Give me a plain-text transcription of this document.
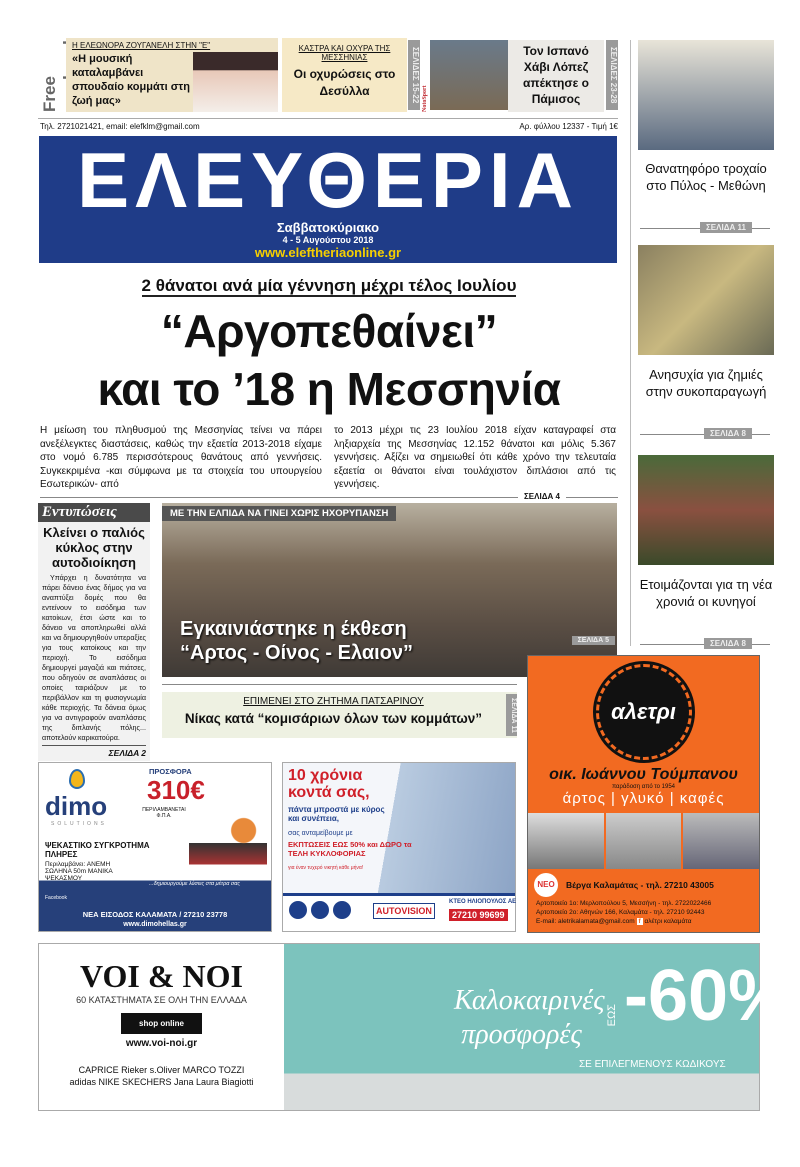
Free
Η ΕΛΕΩΝΟΡΑ ΖΟΥΓΑΝΕΛΗ ΣΤΗΝ "Ε"
«Η μουσική καταλαμβάνει σπουδαίο κομμάτι στη ζωή μας»
ΚΑΣΤΡΑ ΚΑΙ ΟΧΥΡΑ ΤΗΣ ΜΕΣΣΗΝΙΑΣ
Οι οχυρώσεις στο Δεσύλλα	ΣΕΛΙΔΕΣ 15-22 NotoSport
Τον Ισπανό Χάβι Λόπεζ απέκτησε ο Πάμισος	ΣΕΛΙΔΕΣ 23-28
Τηλ. 2721021421, email: elefklm@gmail.com	Αρ. φύλλου 12337 - Τιμή 1€
ΕΛΕΥΘΕΡΙΑ
Σαββατοκύριακο
4 - 5 Αυγούστου 2018
www.eleftheriaonline.gr
2 θάνατοι ανά μία γέννηση μέχρι τέλος Ιουλίου
“Αργοπεθαίνει”
και το ’18 η Μεσσηνία
Η μείωση του πληθυσμού της Μεσσηνίας τείνει να πάρει ανεξέλεγκτες διαστάσεις, καθώς την εξαετία 2013-2018 είχαμε στο νομό 6.785 περισσότερους θανάτους από γεννήσεις. Συγκεκριμένα -και σύμφωνα με τα στοιχεία του υπουργείου Εσωτερικών- από
το 2013 μέχρι τις 23 Ιουλίου 2018 είχαν καταγραφεί στα ληξιαρχεία της Μεσσηνίας 12.152 θάνατοι και μόλις 5.367 γεννήσεις. Αξίζει να σημειωθεί ότι κάθε χρόνο την τελευταία εξαετία οι θάνατοι είναι τουλάχιστον διπλάσιοι από τις γεννήσεις.
ΣΕΛΙΔΑ 4
Εντυπώσεις
Κλείνει ο παλιός κύκλος στην αυτοδιοίκηση
Υπάρχει η δυνατότητα να πάρει δάνειο ένας δήμος για να αναπτύξει δομές που θα εντείνουν το εισόδημα των κατοίκων, έτσι ώστε και το δάνειο να αποπληρωθεί αλλά και να δημιουργηθούν υπεραξίες για τους κατοίκους και την περιοχή. Το εισόδημα δημιουργεί μαγαζιά και πιάτσες, που οδηγούν σε αναπλάσεις οι οποίες ταιριάζουν με το περιβάλλον και τη φυσιογνωμία κάθε περιοχής. Τα δάνεια όμως για να αντιγραφούν αναπλάσεις της διπλανής πόλης... αποτελούν καρικατούρα.
ΣΕΛΙΔΑ 2
ΜΕ ΤΗΝ ΕΛΠΙΔΑ ΝΑ ΓΙΝΕΙ ΧΩΡΙΣ ΗΧΟΡΥΠΑΝΣΗ
Εγκαινιάστηκε η έκθεση
“Αρτος - Οίνος - Ελαιον”
ΣΕΛΙΔΑ 5
ΕΠΙΜΕΝΕΙ ΣΤΟ ΖΗΤΗΜΑ ΠΑΤΣΑΡΙΝΟΥ
Νίκας κατά “κομισάριων όλων των κομμάτων”	ΣΕΛΙΔΑ 11
Θανατηφόρο τροχαίο στο Πύλος - Μεθώνη
ΣΕΛΙΔΑ 11
Ανησυχία για ζημιές στην συκοπαραγωγή
ΣΕΛΙΔΑ 8
Ετοιμάζονται για τη νέα χρονιά οι κυνηγοί
ΣΕΛΙΔΑ 8
αλετρι
οικ. Ιωάννου Τούμπανου
παράδοση από το 1954
άρτος | γλυκό | καφές
ΝΕΟ	Βέργα Καλαμάτας - τηλ. 27210 43005
Αρτοποιείο 1ο: Μερλοπούλου 5, Μεσσήνη - τηλ. 2722022466
Αρτοποιείο 2ο: Αθηνών 166, Καλαμάτα - τηλ. 27210 92443
E-mail: aletrikalamata@gmail.com f αλέτρι καλαμάτα
dimo
SOLUTIONS
ΨΕΚΑΣΤΙΚΟ ΣΥΓΚΡΟΤΗΜΑ ΠΛΗΡΕΣ
Περιλαμβάνει: ΑΝΕΜΗ ΣΩΛΗΝΑ 50m ΜΑΝΙΚΑ ΨΕΚΑΣΜΟΥ
ΠΡΟΣΦΟΡΑ
310€
ΠΕΡΙΛΑΜΒΑΝΕΤΑΙ Φ.Π.Α.
...δημιουργούμε λύσεις στα μέτρα σας
Facebook
ΝΕΑ ΕΙΣΟΔΟΣ ΚΑΛΑΜΑΤΑ / 27210 23778
www.dimohellas.gr
10 χρόνια κοντά σας,
πάντα μπροστά με κύρος και συνέπεια,
σας ανταμείβουμε με
ΕΚΠΤΩΣΕΙΣ ΕΩΣ 50% και ΔΩΡΟ τα ΤΕΛΗ ΚΥΚΛΟΦΟΡΙΑΣ
για έναν τυχερό νικητή κάθε μήνα!
AUTOVISION
ΚΤΕΟ ΗΛΙΟΠΟΥΛΟΣ ΑΕ
27210 99699
VOI & NOI
60 ΚΑΤΑΣΤΗΜΑΤΑ ΣΕ ΟΛΗ ΤΗΝ ΕΛΛΑΔΑ
shop online
www.voi-noi.gr
CAPRICE Rieker s.Oliver MARCO TOZZI
adidas NIKE SKECHERS Jana Laura Biagiotti
Καλοκαιρινές προσφορές
ΕΩΣ -60%
ΣΕ ΕΠΙΛΕΓΜΕΝΟΥΣ ΚΩΔΙΚΟΥΣ
